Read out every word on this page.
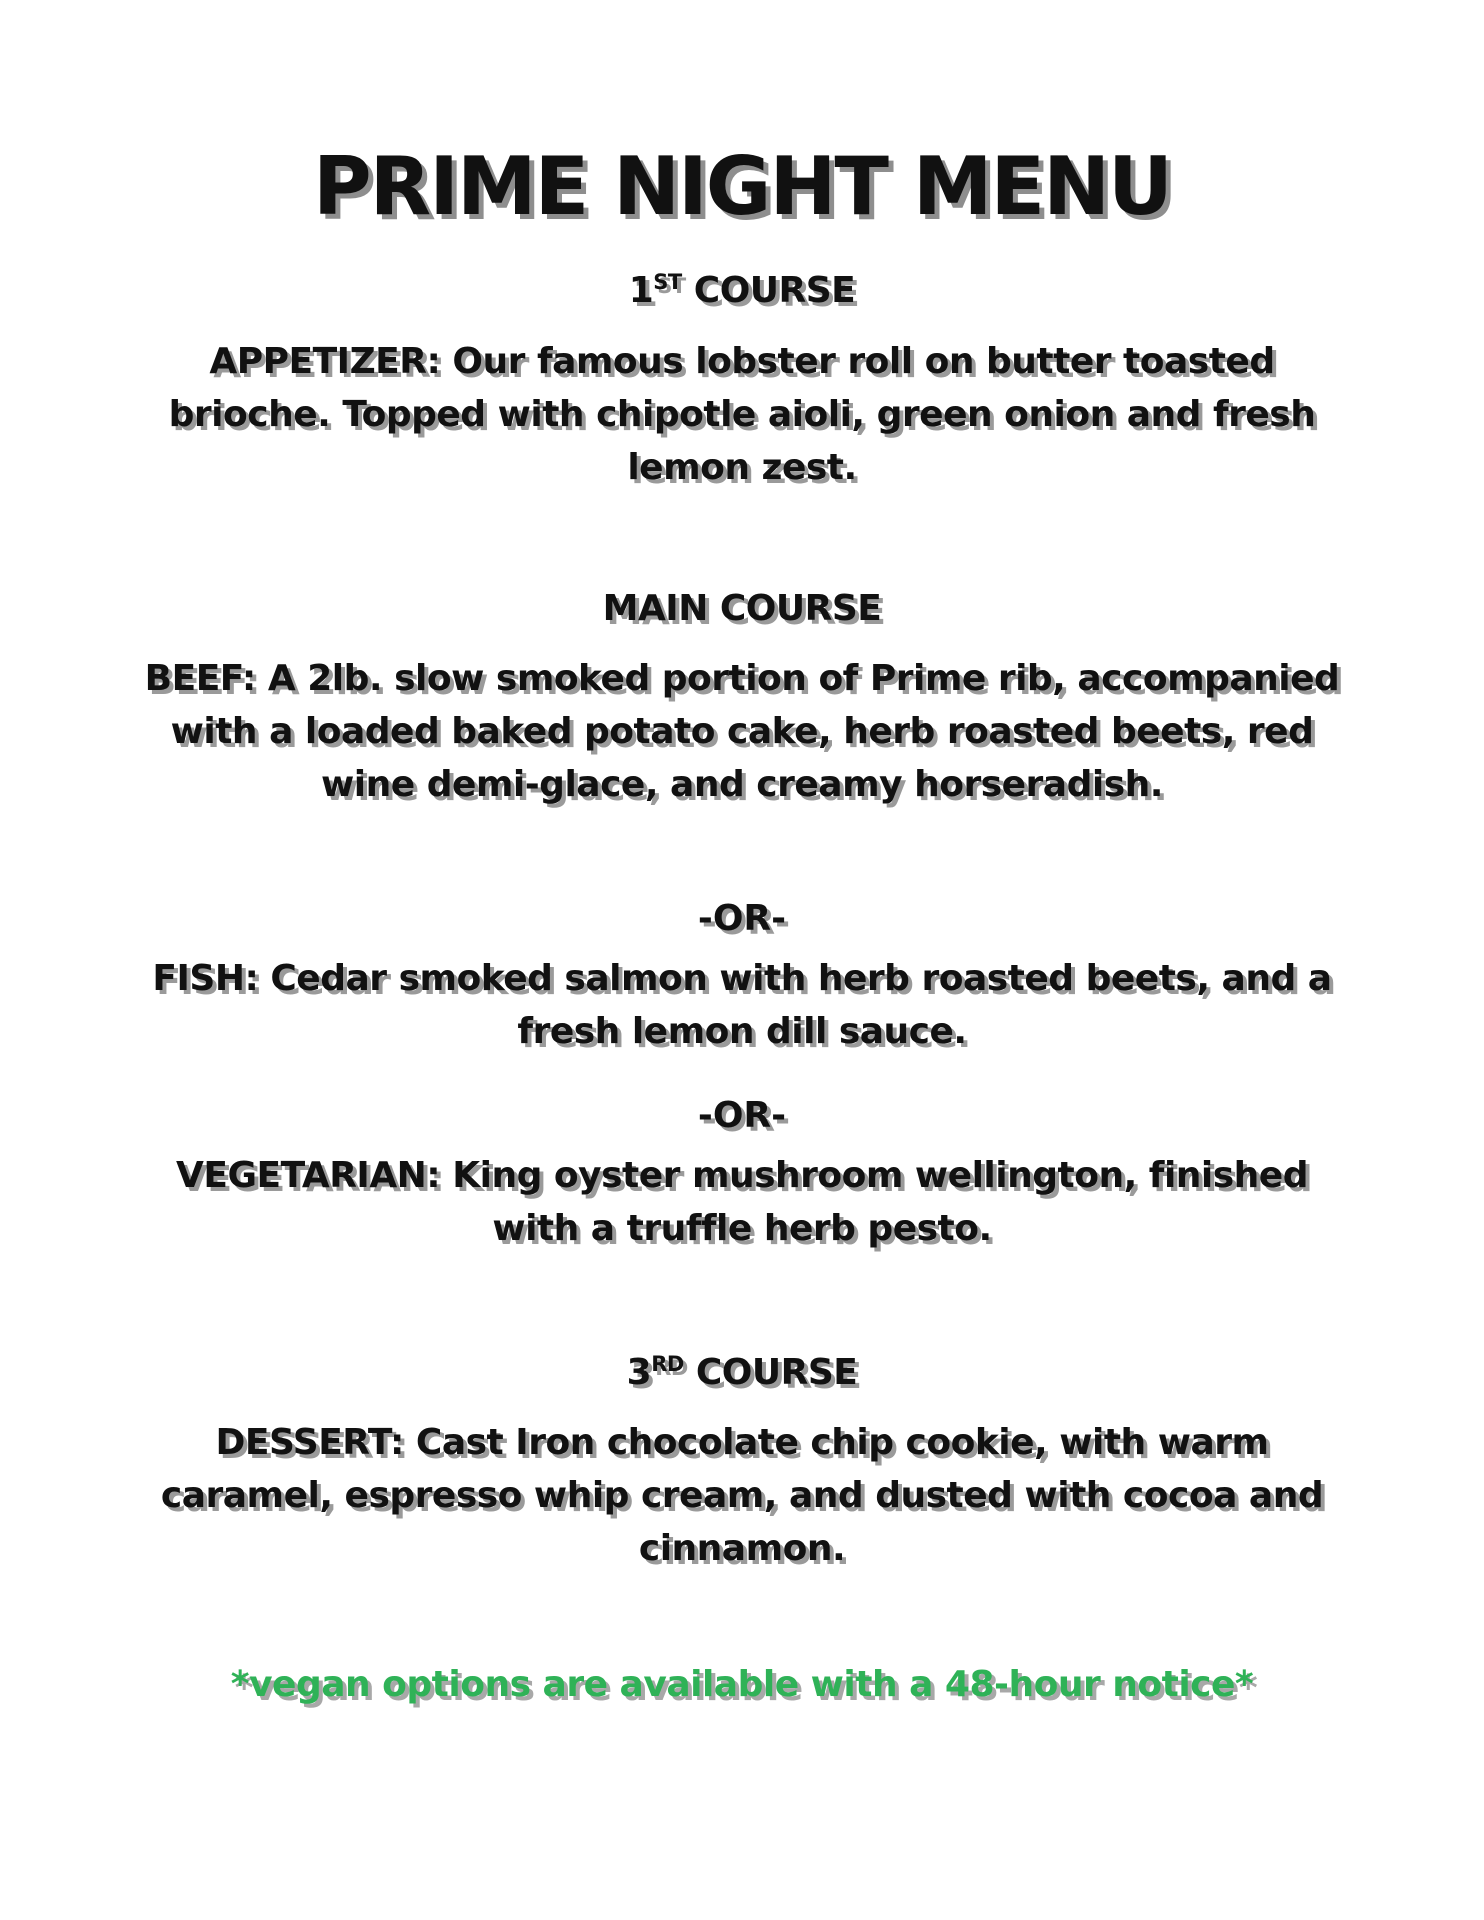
PRIME NIGHT MENU
1ST COURSE

APPETIZER: Our famous lobster roll on butter toasted brioche. Topped with chipotle aioli, green onion and fresh lemon zest.

MAIN COURSE

BEEF: A 2lb. slow smoked portion of Prime rib, accompanied with a loaded baked potato cake, herb roasted beets, red wine demi-glace, and creamy horseradish.

-OR-

FISH: Cedar smoked salmon with herb roasted beets, and a fresh lemon dill sauce.

-OR-

VEGETARIAN: King oyster mushroom wellington, finished with a truffle herb pesto.

3RD COURSE

DESSERT: Cast Iron chocolate chip cookie, with warm caramel, espresso whip cream, and dusted with cocoa and cinnamon.

*vegan options are available with a 48-hour notice*
